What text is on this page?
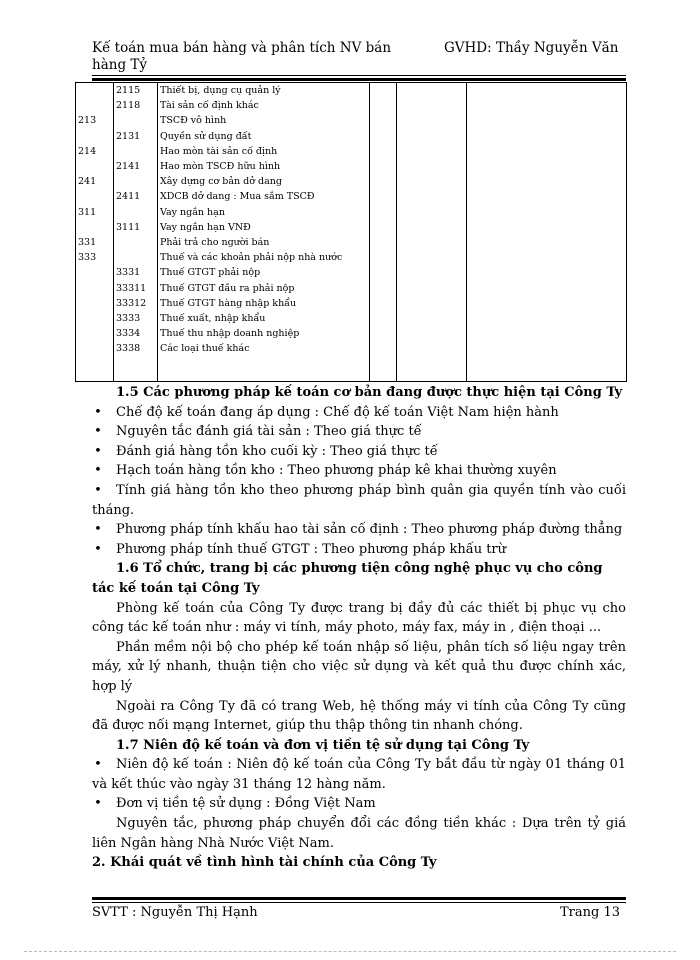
Kế toán mua bán hàng và phân tích NV bán hàng Tỷ
GVHD: Thầy Nguyễn Văn
	2115	Thiết bị, dụng cụ quản lý			
	2118	Tài sản cố định khác			
213		TSCĐ vô hình			
	2131	Quyền sử dụng đất			
214		Hao mòn tài sản cố định			
	2141	Hao mòn TSCĐ hữu hình			
241		Xây dựng cơ bản dở dang			
	2411	XDCB dở dang : Mua sắm TSCĐ			
311		Vay ngắn hạn			
	3111	Vay ngắn hạn VNĐ			
331		Phải trả cho người bán			
333		Thuế và các khoản phải nộp nhà nước			
	3331	Thuế GTGT phải nộp			
	33311	Thuế GTGT đầu ra phải nộp			
	33312	Thuế GTGT hàng nhập khẩu			
	3333	Thuế xuất, nhập khẩu			
	3334	Thuế thu nhập doanh nghiệp			
	3338	Các loại thuế khác			

1.5 Các phương pháp kế toán cơ bản đang được thực hiện tại Công Ty

• Chế độ kế toán đang áp dụng : Chế độ kế toán Việt Nam hiện hành
• Nguyên tắc đánh giá tài sản : Theo giá thực tế
• Đánh giá hàng tồn kho cuối kỳ : Theo giá thực tế
• Hạch toán hàng tồn kho : Theo phương pháp kê khai thường xuyên
• Tính giá hàng tồn kho theo phương pháp bình quân gia quyền tính vào cuối tháng.
• Phương pháp tính khấu hao tài sản cố định : Theo phương pháp đường thẳng
• Phương pháp tính thuế GTGT : Theo phương pháp khấu trừ

1.6 Tổ chức, trang bị các phương tiện công nghệ phục vụ cho công tác kế toán tại Công Ty

Phòng kế toán của Công Ty được trang bị đầy đủ các thiết bị phục vụ cho công tác kế toán như : máy vi tính, máy photo, máy fax, máy in , điện thoại ...

Phần mềm nội bộ cho phép kế toán nhập số liệu, phân tích số liệu ngay trên máy, xử lý nhanh, thuận tiện cho việc sử dụng và kết quả thu được chính xác, hợp lý

Ngoài ra Công Ty đã có trang Web, hệ thống máy vi tính của Công Ty cũng đã được nối mạng Internet, giúp thu thập thông tin nhanh chóng.

1.7 Niên độ kế toán và đơn vị tiền tệ sử dụng tại Công Ty

• Niên độ kế toán : Niên độ kế toán của Công Ty bắt đầu từ ngày 01 tháng 01 và kết thúc vào ngày 31 tháng 12 hàng năm.
• Đơn vị tiền tệ sử dụng : Đồng Việt Nam

Nguyên tắc, phương pháp chuyển đổi các đồng tiền khác : Dựa trên tỷ giá liên Ngân hàng Nhà Nước Việt Nam.

2. Khái quát về tình hình tài chính của Công Ty

SVTT : Nguyễn Thị Hạnh	Trang 13
